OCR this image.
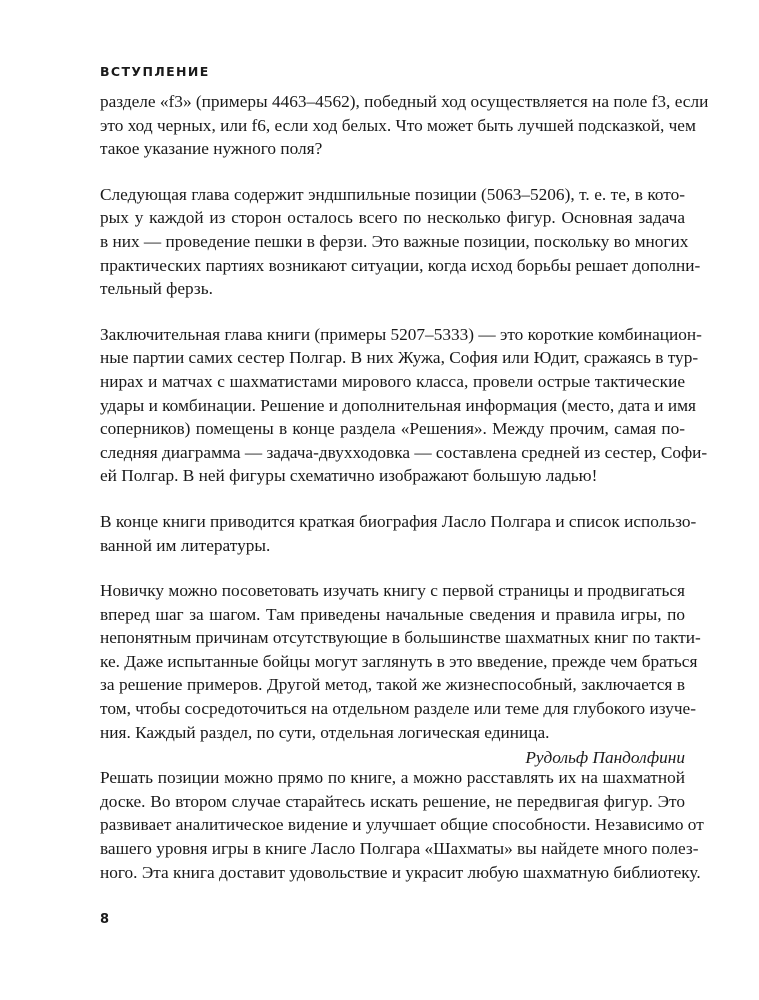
ВСТУПЛЕНИЕ
разделе «f3» (примеры 4463–4562), победный ход осуществляется на поле f3, если
это ход черных, или f6, если ход белых. Что может быть лучшей подсказкой, чем
такое указание нужного поля?
Следующая глава содержит эндшпильные позиции (5063–5206), т. е. те, в кото-
рых у каждой из сторон осталось всего по несколько фигур. Основная задача
в них — проведение пешки в ферзи. Это важные позиции, поскольку во многих
практических партиях возникают ситуации, когда исход борьбы решает дополни-
тельный ферзь.
Заключительная глава книги (примеры 5207–5333) — это короткие комбинацион-
ные партии самих сестер Полгар. В них Жужа, София или Юдит, сражаясь в тур-
нирах и матчах с шахматистами мирового класса, провели острые тактические
удары и комбинации. Решение и дополнительная информация (место, дата и имя
соперников) помещены в конце раздела «Решения». Между прочим, самая по-
следняя диаграмма — задача-двухходовка — составлена средней из сестер, Софи-
ей Полгар. В ней фигуры схематично изображают большую ладью!
В конце книги приводится краткая биография Ласло Полгара и список использо-
ванной им литературы.
Новичку можно посоветовать изучать книгу с первой страницы и продвигаться
вперед шаг за шагом. Там приведены начальные сведения и правила игры, по
непонятным причинам отсутствующие в большинстве шахматных книг по такти-
ке. Даже испытанные бойцы могут заглянуть в это введение, прежде чем браться
за решение примеров. Другой метод, такой же жизнеспособный, заключается в
том, чтобы сосредоточиться на отдельном разделе или теме для глубокого изуче-
ния. Каждый раздел, по сути, отдельная логическая единица.
Решать позиции можно прямо по книге, а можно расставлять их на шахматной
доске. Во втором случае старайтесь искать решение, не передвигая фигур. Это
развивает аналитическое видение и улучшает общие способности. Независимо от
вашего уровня игры в книге Ласло Полгара «Шахматы» вы найдете много полез-
ного. Эта книга доставит удовольствие и украсит любую шахматную библиотеку.
Рудольф Пандолфини
8
